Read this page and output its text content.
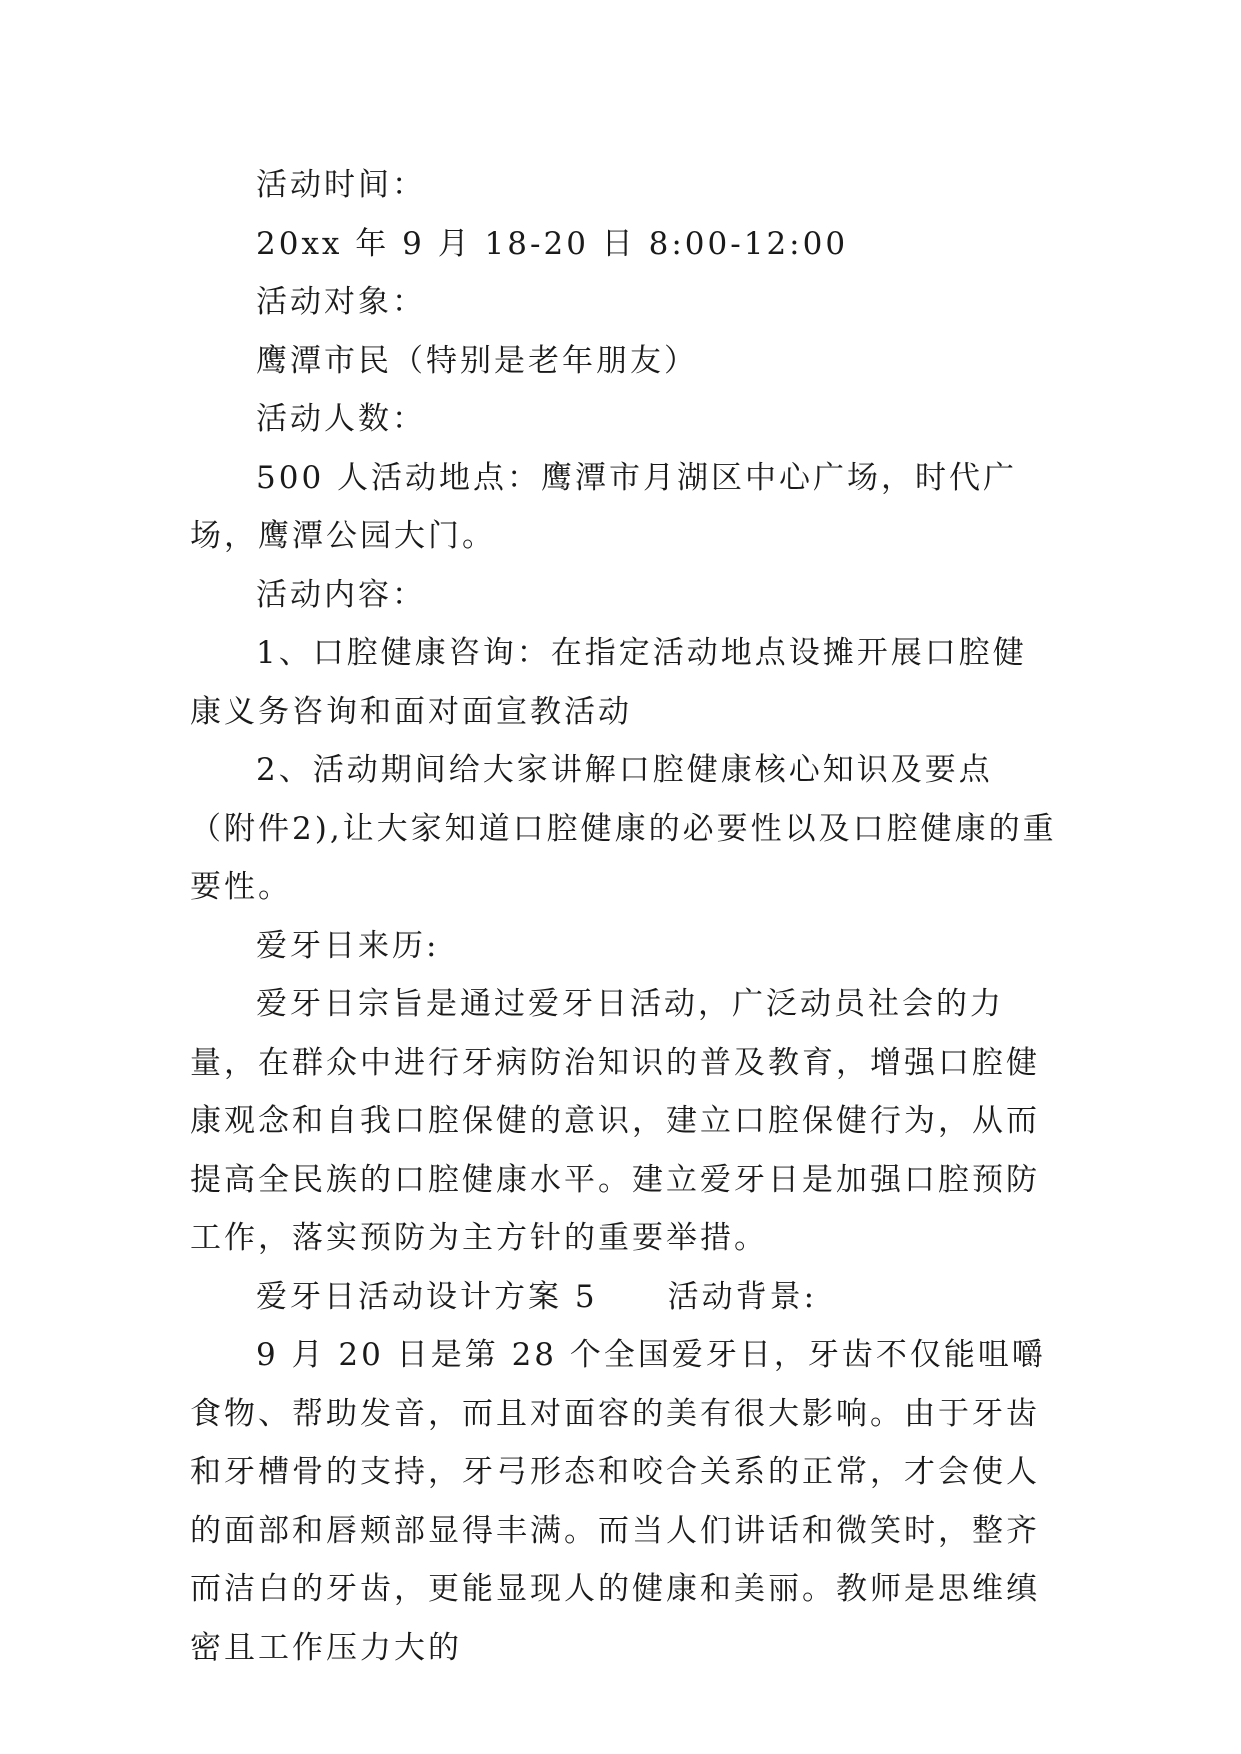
活动时间：

20xx 年 9 月 18-20 日 8:00-12:00

活动对象：

鹰潭市民（特别是老年朋友）

活动人数：

500 人活动地点：鹰潭市月湖区中心广场，时代广场，鹰潭公园大门。

活动内容：

1、口腔健康咨询：在指定活动地点设摊开展口腔健康义务咨询和面对面宣教活动

2、活动期间给大家讲解口腔健康核心知识及要点（附件2),让大家知道口腔健康的必要性以及口腔健康的重要性。

爱牙日来历:

爱牙日宗旨是通过爱牙日活动，广泛动员社会的力量，在群众中进行牙病防治知识的普及教育，增强口腔健康观念和自我口腔保健的意识，建立口腔保健行为，从而提高全民族的口腔健康水平。建立爱牙日是加强口腔预防工作，落实预防为主方针的重要举措。

爱牙日活动设计方案 5 活动背景:

9 月 20 日是第 28 个全国爱牙日，牙齿不仅能咀嚼食物、帮助发音，而且对面容的美有很大影响。由于牙齿和牙槽骨的支持，牙弓形态和咬合关系的正常，才会使人的面部和唇颊部显得丰满。而当人们讲话和微笑时，整齐而洁白的牙齿，更能显现人的健康和美丽。教师是思维缜密且工作压力大的
